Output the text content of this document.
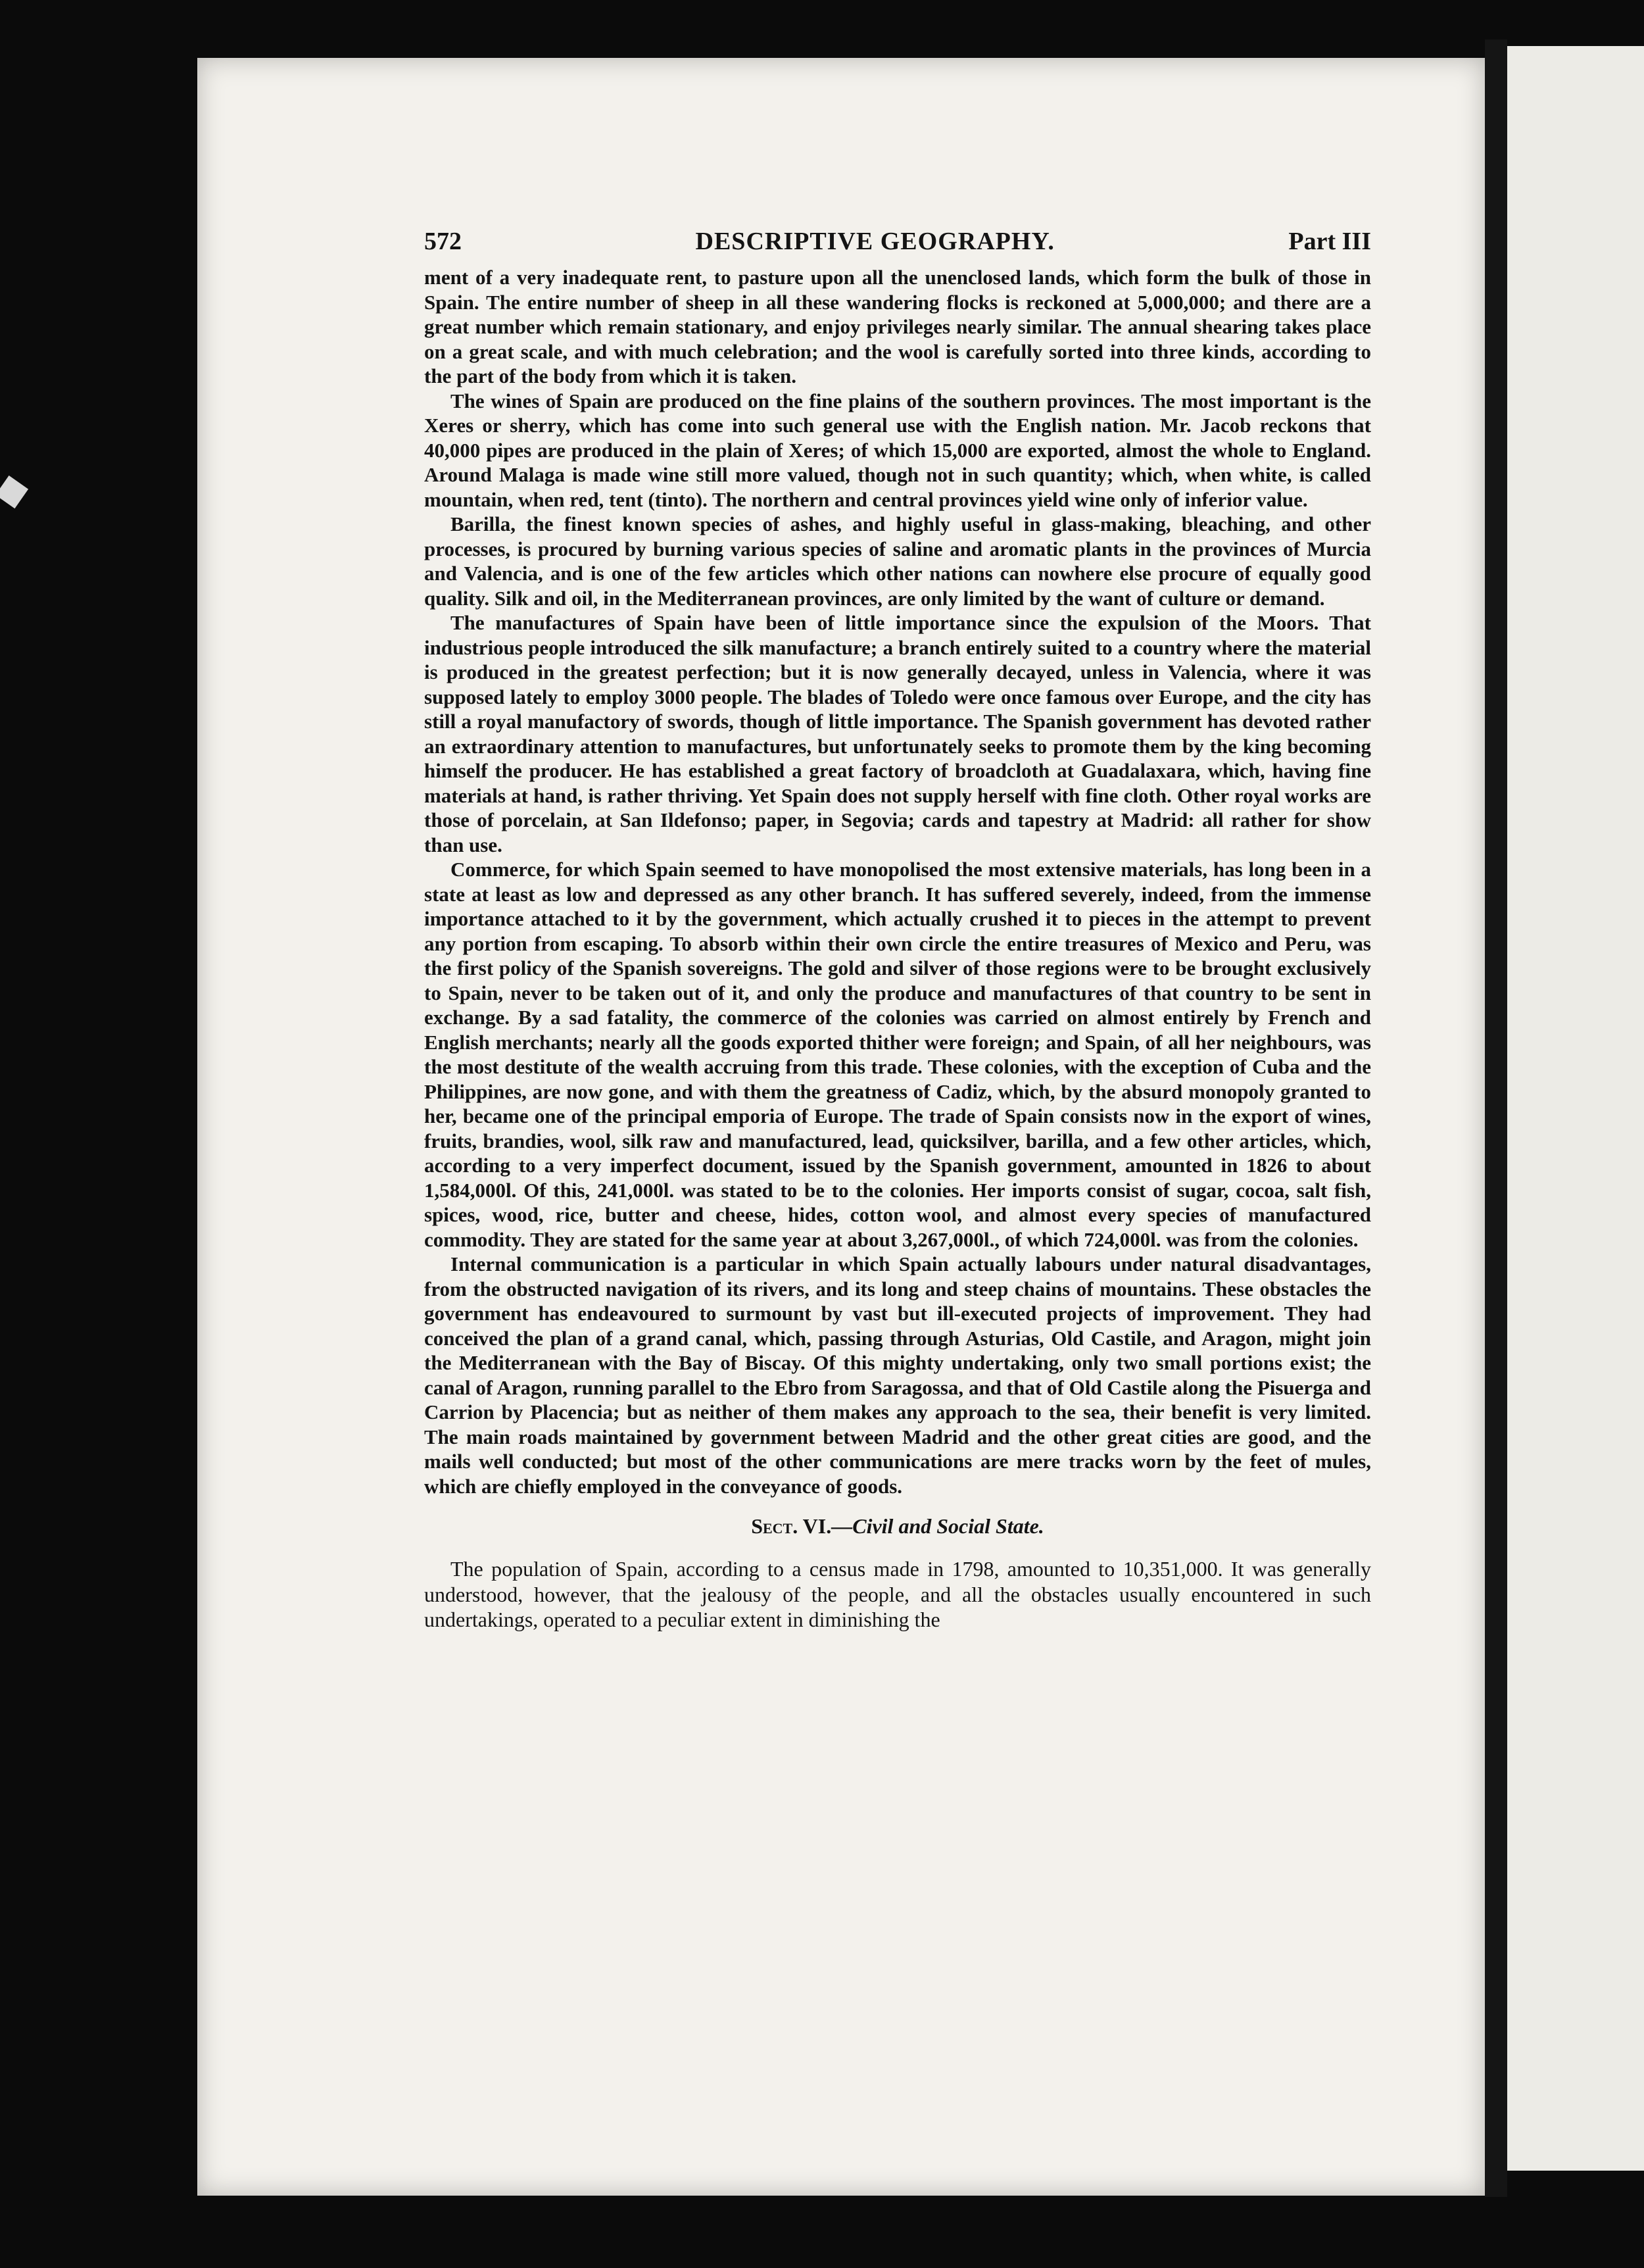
572	DESCRIPTIVE GEOGRAPHY.	Part III

ment of a very inadequate rent, to pasture upon all the unenclosed lands, which form the bulk of those in Spain. The entire number of sheep in all these wandering flocks is reckoned at 5,000,000; and there are a great number which remain stationary, and enjoy privileges nearly similar. The annual shearing takes place on a great scale, and with much celebration; and the wool is carefully sorted into three kinds, according to the part of the body from which it is taken.

The wines of Spain are produced on the fine plains of the southern provinces. The most important is the Xeres or sherry, which has come into such general use with the English nation. Mr. Jacob reckons that 40,000 pipes are produced in the plain of Xeres; of which 15,000 are exported, almost the whole to England. Around Malaga is made wine still more valued, though not in such quantity; which, when white, is called mountain, when red, tent (tinto). The northern and central provinces yield wine only of inferior value.

Barilla, the finest known species of ashes, and highly useful in glass-making, bleaching, and other processes, is procured by burning various species of saline and aromatic plants in the provinces of Murcia and Valencia, and is one of the few articles which other nations can nowhere else procure of equally good quality. Silk and oil, in the Mediterranean provinces, are only limited by the want of culture or demand.

The manufactures of Spain have been of little importance since the expulsion of the Moors. That industrious people introduced the silk manufacture; a branch entirely suited to a country where the material is produced in the greatest perfection; but it is now generally decayed, unless in Valencia, where it was supposed lately to employ 3000 people. The blades of Toledo were once famous over Europe, and the city has still a royal manufactory of swords, though of little importance. The Spanish government has devoted rather an extraordinary attention to manufactures, but unfortunately seeks to promote them by the king becoming himself the producer. He has established a great factory of broadcloth at Guadalaxara, which, having fine materials at hand, is rather thriving. Yet Spain does not supply herself with fine cloth. Other royal works are those of porcelain, at San Ildefonso; paper, in Segovia; cards and tapestry at Madrid: all rather for show than use.

Commerce, for which Spain seemed to have monopolised the most extensive materials, has long been in a state at least as low and depressed as any other branch. It has suffered severely, indeed, from the immense importance attached to it by the government, which actually crushed it to pieces in the attempt to prevent any portion from escaping. To absorb within their own circle the entire treasures of Mexico and Peru, was the first policy of the Spanish sovereigns. The gold and silver of those regions were to be brought exclusively to Spain, never to be taken out of it, and only the produce and manufactures of that country to be sent in exchange. By a sad fatality, the commerce of the colonies was carried on almost entirely by French and English merchants; nearly all the goods exported thither were foreign; and Spain, of all her neighbours, was the most destitute of the wealth accruing from this trade. These colonies, with the exception of Cuba and the Philippines, are now gone, and with them the greatness of Cadiz, which, by the absurd monopoly granted to her, became one of the principal emporia of Europe. The trade of Spain consists now in the export of wines, fruits, brandies, wool, silk raw and manufactured, lead, quicksilver, barilla, and a few other articles, which, according to a very imperfect document, issued by the Spanish government, amounted in 1826 to about 1,584,000l. Of this, 241,000l. was stated to be to the colonies. Her imports consist of sugar, cocoa, salt fish, spices, wood, rice, butter and cheese, hides, cotton wool, and almost every species of manufactured commodity. They are stated for the same year at about 3,267,000l., of which 724,000l. was from the colonies.

Internal communication is a particular in which Spain actually labours under natural disadvantages, from the obstructed navigation of its rivers, and its long and steep chains of mountains. These obstacles the government has endeavoured to surmount by vast but ill-executed projects of improvement. They had conceived the plan of a grand canal, which, passing through Asturias, Old Castile, and Aragon, might join the Mediterranean with the Bay of Biscay. Of this mighty undertaking, only two small portions exist; the canal of Aragon, running parallel to the Ebro from Saragossa, and that of Old Castile along the Pisuerga and Carrion by Placencia; but as neither of them makes any approach to the sea, their benefit is very limited. The main roads maintained by government between Madrid and the other great cities are good, and the mails well conducted; but most of the other communications are mere tracks worn by the feet of mules, which are chiefly employed in the conveyance of goods.

Sect. VI.—Civil and Social State.

The population of Spain, according to a census made in 1798, amounted to 10,351,000. It was generally understood, however, that the jealousy of the people, and all the obstacles usually encountered in such undertakings, operated to a peculiar extent in diminishing the
